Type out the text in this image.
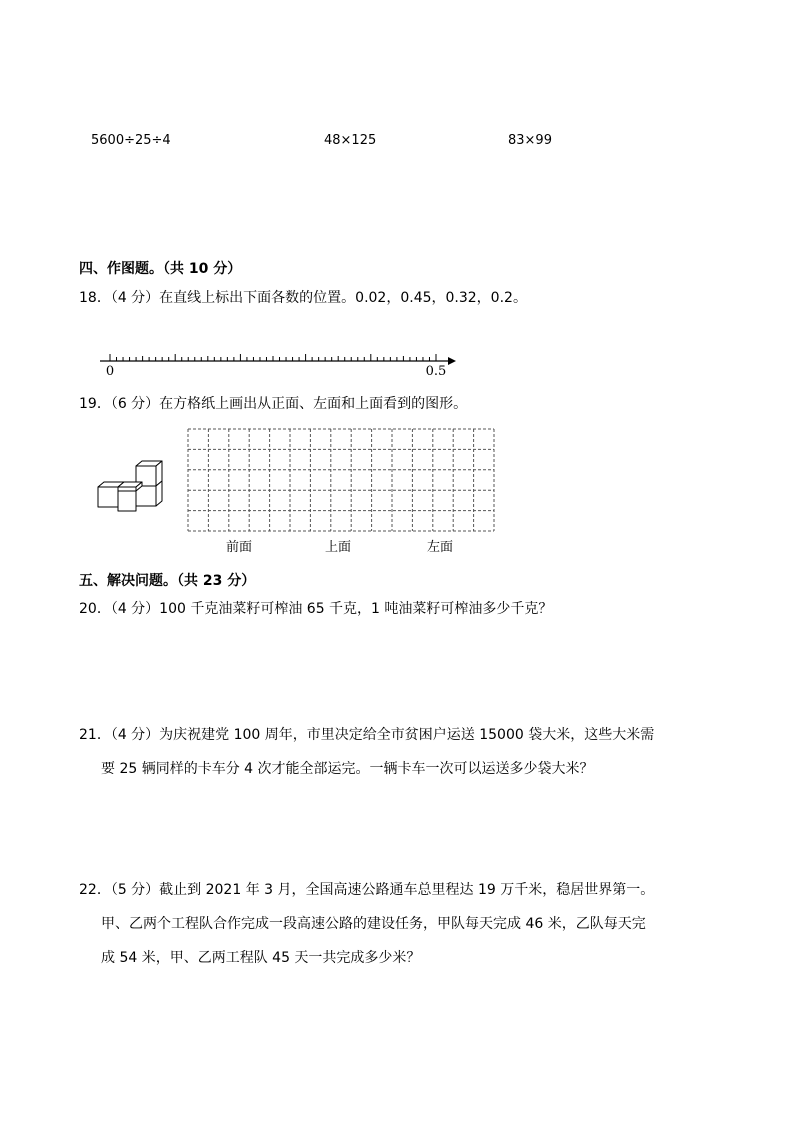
5600÷25÷4	48×125	83×99
四、作图题。（共 10 分）
18．（4 分）在直线上标出下面各数的位置。0.02，0.45，0.32，0.2。
0	0.5
19．（6 分）在方格纸上画出从正面、左面和上面看到的图形。
前面	上面	左面
五、解决问题。（共 23 分）
20．（4 分）100 千克油菜籽可榨油 65 千克，1 吨油菜籽可榨油多少千克？
21．（4 分）为庆祝建党 100 周年，市里决定给全市贫困户运送 15000 袋大米，这些大米需
要 25 辆同样的卡车分 4 次才能全部运完。一辆卡车一次可以运送多少袋大米？
22．（5 分）截止到 2021 年 3 月，全国高速公路通车总里程达 19 万千米，稳居世界第一。
甲、乙两个工程队合作完成一段高速公路的建设任务，甲队每天完成 46 米，乙队每天完
成 54 米，甲、乙两工程队 45 天一共完成多少米？
